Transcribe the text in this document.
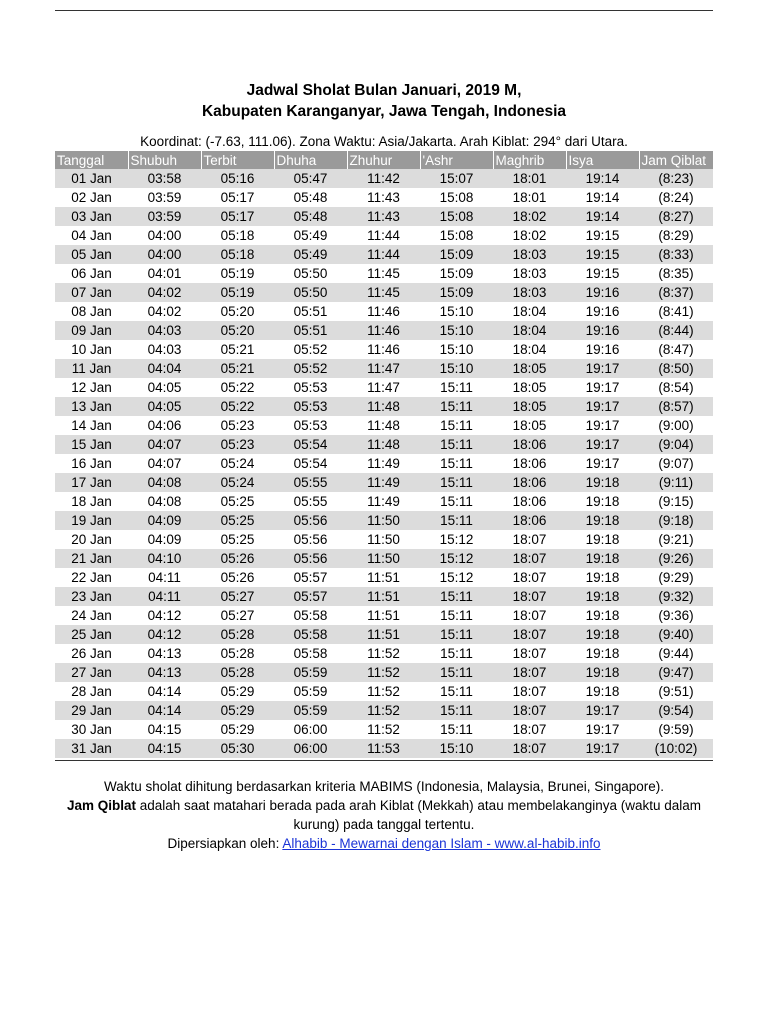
Jadwal Sholat Bulan Januari, 2019 M,
Kabupaten Karanganyar, Jawa Tengah, Indonesia
Koordinat: (-7.63, 111.06). Zona Waktu: Asia/Jakarta. Arah Kiblat: 294° dari Utara.
Tanggal	Shubuh	Terbit	Dhuha	Zhuhur	'Ashr	Maghrib	Isya	Jam Qiblat
01 Jan	03:58	05:16	05:47	11:42	15:07	18:01	19:14	(8:23)
02 Jan	03:59	05:17	05:48	11:43	15:08	18:01	19:14	(8:24)
03 Jan	03:59	05:17	05:48	11:43	15:08	18:02	19:14	(8:27)
04 Jan	04:00	05:18	05:49	11:44	15:08	18:02	19:15	(8:29)
05 Jan	04:00	05:18	05:49	11:44	15:09	18:03	19:15	(8:33)
06 Jan	04:01	05:19	05:50	11:45	15:09	18:03	19:15	(8:35)
07 Jan	04:02	05:19	05:50	11:45	15:09	18:03	19:16	(8:37)
08 Jan	04:02	05:20	05:51	11:46	15:10	18:04	19:16	(8:41)
09 Jan	04:03	05:20	05:51	11:46	15:10	18:04	19:16	(8:44)
10 Jan	04:03	05:21	05:52	11:46	15:10	18:04	19:16	(8:47)
11 Jan	04:04	05:21	05:52	11:47	15:10	18:05	19:17	(8:50)
12 Jan	04:05	05:22	05:53	11:47	15:11	18:05	19:17	(8:54)
13 Jan	04:05	05:22	05:53	11:48	15:11	18:05	19:17	(8:57)
14 Jan	04:06	05:23	05:53	11:48	15:11	18:05	19:17	(9:00)
15 Jan	04:07	05:23	05:54	11:48	15:11	18:06	19:17	(9:04)
16 Jan	04:07	05:24	05:54	11:49	15:11	18:06	19:17	(9:07)
17 Jan	04:08	05:24	05:55	11:49	15:11	18:06	19:18	(9:11)
18 Jan	04:08	05:25	05:55	11:49	15:11	18:06	19:18	(9:15)
19 Jan	04:09	05:25	05:56	11:50	15:11	18:06	19:18	(9:18)
20 Jan	04:09	05:25	05:56	11:50	15:12	18:07	19:18	(9:21)
21 Jan	04:10	05:26	05:56	11:50	15:12	18:07	19:18	(9:26)
22 Jan	04:11	05:26	05:57	11:51	15:12	18:07	19:18	(9:29)
23 Jan	04:11	05:27	05:57	11:51	15:11	18:07	19:18	(9:32)
24 Jan	04:12	05:27	05:58	11:51	15:11	18:07	19:18	(9:36)
25 Jan	04:12	05:28	05:58	11:51	15:11	18:07	19:18	(9:40)
26 Jan	04:13	05:28	05:58	11:52	15:11	18:07	19:18	(9:44)
27 Jan	04:13	05:28	05:59	11:52	15:11	18:07	19:18	(9:47)
28 Jan	04:14	05:29	05:59	11:52	15:11	18:07	19:18	(9:51)
29 Jan	04:14	05:29	05:59	11:52	15:11	18:07	19:17	(9:54)
30 Jan	04:15	05:29	06:00	11:52	15:11	18:07	19:17	(9:59)
31 Jan	04:15	05:30	06:00	11:53	15:10	18:07	19:17	(10:02)
Waktu sholat dihitung berdasarkan kriteria MABIMS (Indonesia, Malaysia, Brunei, Singapore).
Jam Qiblat adalah saat matahari berada pada arah Kiblat (Mekkah) atau membelakanginya (waktu dalam kurung) pada tanggal tertentu.
Dipersiapkan oleh: Alhabib - Mewarnai dengan Islam - www.al-habib.info
